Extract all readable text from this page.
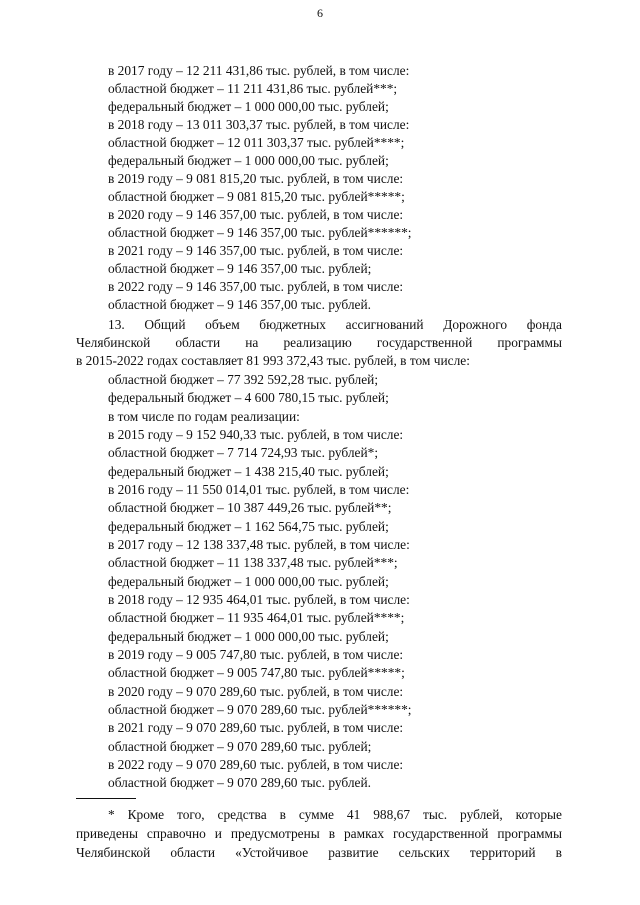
6
в 2017 году – 12 211 431,86 тыс. рублей, в том числе:
областной бюджет – 11 211 431,86 тыс. рублей***;
федеральный бюджет – 1 000 000,00 тыс. рублей;
в 2018 году – 13 011 303,37 тыс. рублей, в том числе:
областной бюджет – 12 011 303,37 тыс. рублей****;
федеральный бюджет – 1 000 000,00 тыс. рублей;
в 2019 году – 9 081 815,20 тыс. рублей, в том числе:
областной бюджет – 9 081 815,20 тыс. рублей*****;
в 2020 году – 9 146 357,00 тыс. рублей, в том числе:
областной бюджет – 9 146 357,00 тыс. рублей******;
в 2021 году – 9 146 357,00 тыс. рублей, в том числе:
областной бюджет – 9 146 357,00 тыс. рублей;
в 2022 году – 9 146 357,00 тыс. рублей, в том числе:
областной бюджет – 9 146 357,00 тыс. рублей.
13. Общий объем бюджетных ассигнований Дорожного фонда
Челябинской области на реализацию государственной программы
в 2015-2022 годах составляет 81 993 372,43 тыс. рублей, в том числе:
областной бюджет – 77 392 592,28 тыс. рублей;
федеральный бюджет – 4 600 780,15 тыс. рублей;
в том числе по годам реализации:
в 2015 году – 9 152 940,33 тыс. рублей, в том числе:
областной бюджет – 7 714 724,93 тыс. рублей*;
федеральный бюджет – 1 438 215,40 тыс. рублей;
в 2016 году – 11 550 014,01 тыс. рублей, в том числе:
областной бюджет – 10 387 449,26 тыс. рублей**;
федеральный бюджет – 1 162 564,75 тыс. рублей;
в 2017 году – 12 138 337,48 тыс. рублей, в том числе:
областной бюджет – 11 138 337,48 тыс. рублей***;
федеральный бюджет – 1 000 000,00 тыс. рублей;
в 2018 году – 12 935 464,01 тыс. рублей, в том числе:
областной бюджет – 11 935 464,01 тыс. рублей****;
федеральный бюджет – 1 000 000,00 тыс. рублей;
в 2019 году – 9 005 747,80 тыс. рублей, в том числе:
областной бюджет – 9 005 747,80 тыс. рублей*****;
в 2020 году – 9 070 289,60 тыс. рублей, в том числе:
областной бюджет – 9 070 289,60 тыс. рублей******;
в 2021 году – 9 070 289,60 тыс. рублей, в том числе:
областной бюджет – 9 070 289,60 тыс. рублей;
в 2022 году – 9 070 289,60 тыс. рублей, в том числе:
областной бюджет – 9 070 289,60 тыс. рублей.
* Кроме того, средства в сумме 41 988,67 тыс. рублей, которые
приведены справочно и предусмотрены в рамках государственной программы
Челябинской области «Устойчивое развитие сельских территорий в
